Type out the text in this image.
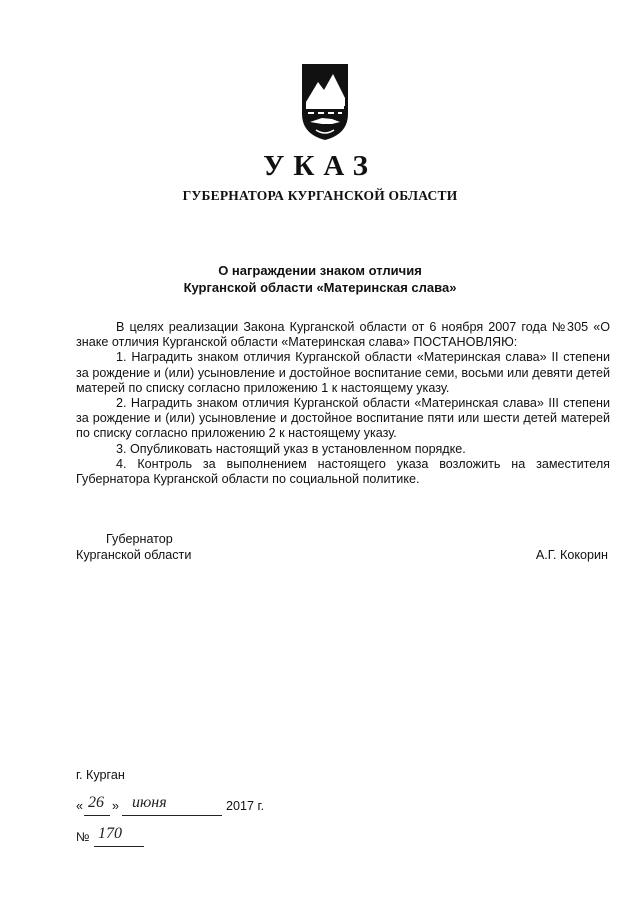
УКАЗ
ГУБЕРНАТОРА КУРГАНСКОЙ ОБЛАСТИ
О награждении знаком отличия
Курганской области «Материнская слава»

В целях реализации Закона Курганской области от 6 ноября 2007 года №305 «О знаке отличия Курганской области «Материнская слава» ПОСТАНОВЛЯЮ:

1. Наградить знаком отличия Курганской области «Материнская слава» II степени за рождение и (или) усыновление и достойное воспитание семи, восьми или девяти детей матерей по списку согласно приложению 1 к настоящему указу.

2. Наградить знаком отличия Курганской области «Материнская слава» III степени за рождение и (или) усыновление и достойное воспитание пяти или шести детей матерей по списку согласно приложению 2 к настоящему указу.

3. Опубликовать настоящий указ в установленном порядке.

4. Контроль за выполнением настоящего указа возложить на заместителя Губернатора Курганской области по социальной политике.

Губернатор
Курганской области	А.Г. Кокорин
г. Курган
« 26 » июня	2017 г.
№ 170
